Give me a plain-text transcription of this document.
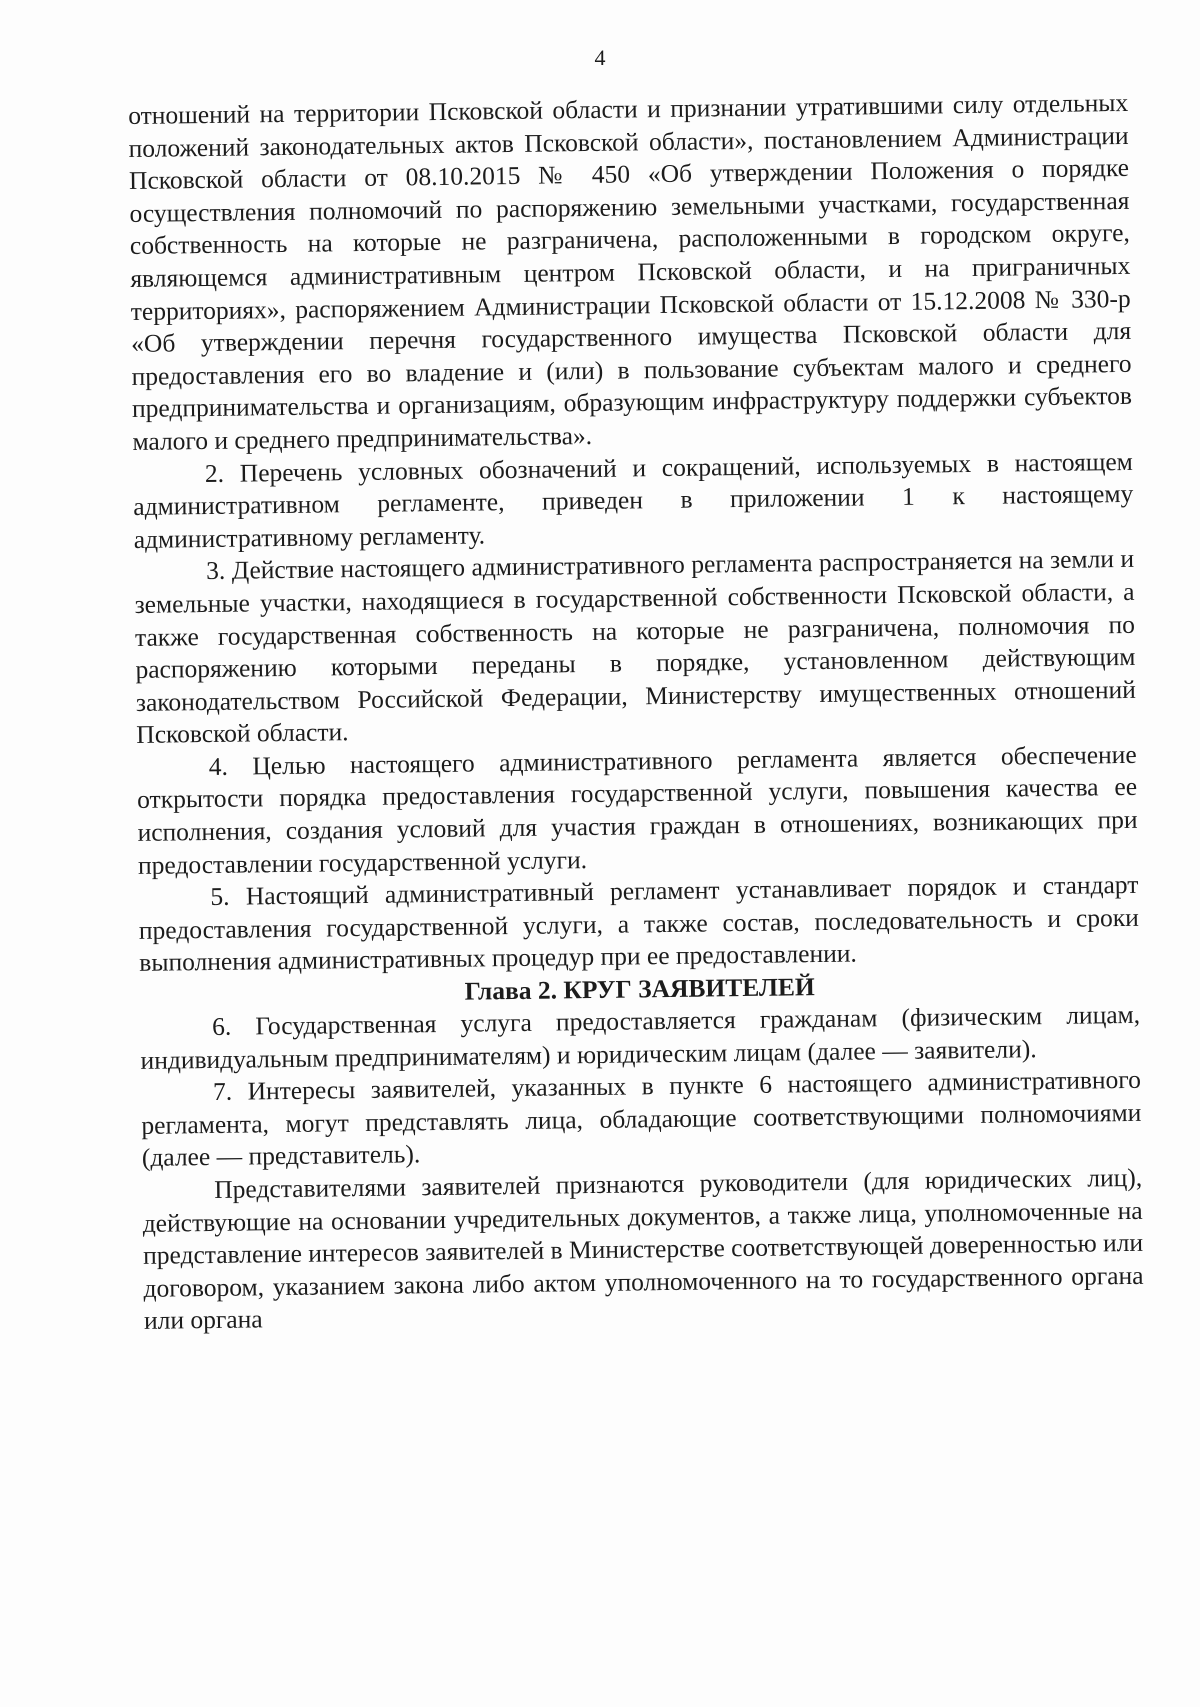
4

отношений на территории Псковской области и признании утратившими силу отдельных положений законодательных актов Псковской области», постановлением Администрации Псковской области от 08.10.2015 № 450 «Об утверждении Положения о порядке осуществления полномочий по распоряжению земельными участками, государственная собственность на которые не разграничена, расположенными в городском округе, являющемся административным центром Псковской области, и на приграничных территориях», распоряжением Администрации Псковской области от 15.12.2008 № 330-р «Об утверждении перечня государственного имущества Псковской области для предоставления его во владение и (или) в пользование субъектам малого и среднего предпринимательства и организациям, образующим инфраструктуру поддержки субъектов малого и среднего предпринимательства».

2. Перечень условных обозначений и сокращений, используемых в настоящем административном регламенте, приведен в приложении 1 к настоящему административному регламенту.

3. Действие настоящего административного регламента распространяется на земли и земельные участки, находящиеся в государственной собственности Псковской области, а также государственная собственность на которые не разграничена, полномочия по распоряжению которыми переданы в порядке, установленном действующим законодательством Российской Федерации, Министерству имущественных отношений Псковской области.

4. Целью настоящего административного регламента является обеспечение открытости порядка предоставления государственной услуги, повышения качества ее исполнения, создания условий для участия граждан в отношениях, возникающих при предоставлении государственной услуги.

5. Настоящий административный регламент устанавливает порядок и стандарт предоставления государственной услуги, а также состав, последовательность и сроки выполнения административных процедур при ее предоставлении.

Глава 2. КРУГ ЗАЯВИТЕЛЕЙ

6. Государственная услуга предоставляется гражданам (физическим лицам, индивидуальным предпринимателям) и юридическим лицам (далее — заявители).

7. Интересы заявителей, указанных в пункте 6 настоящего административного регламента, могут представлять лица, обладающие соответствующими полномочиями (далее — представитель).

Представителями заявителей признаются руководители (для юридических лиц), действующие на основании учредительных документов, а также лица, уполномоченные на представление интересов заявителей в Министерстве соответствующей доверенностью или договором, указанием закона либо актом уполномоченного на то государственного органа или органа
